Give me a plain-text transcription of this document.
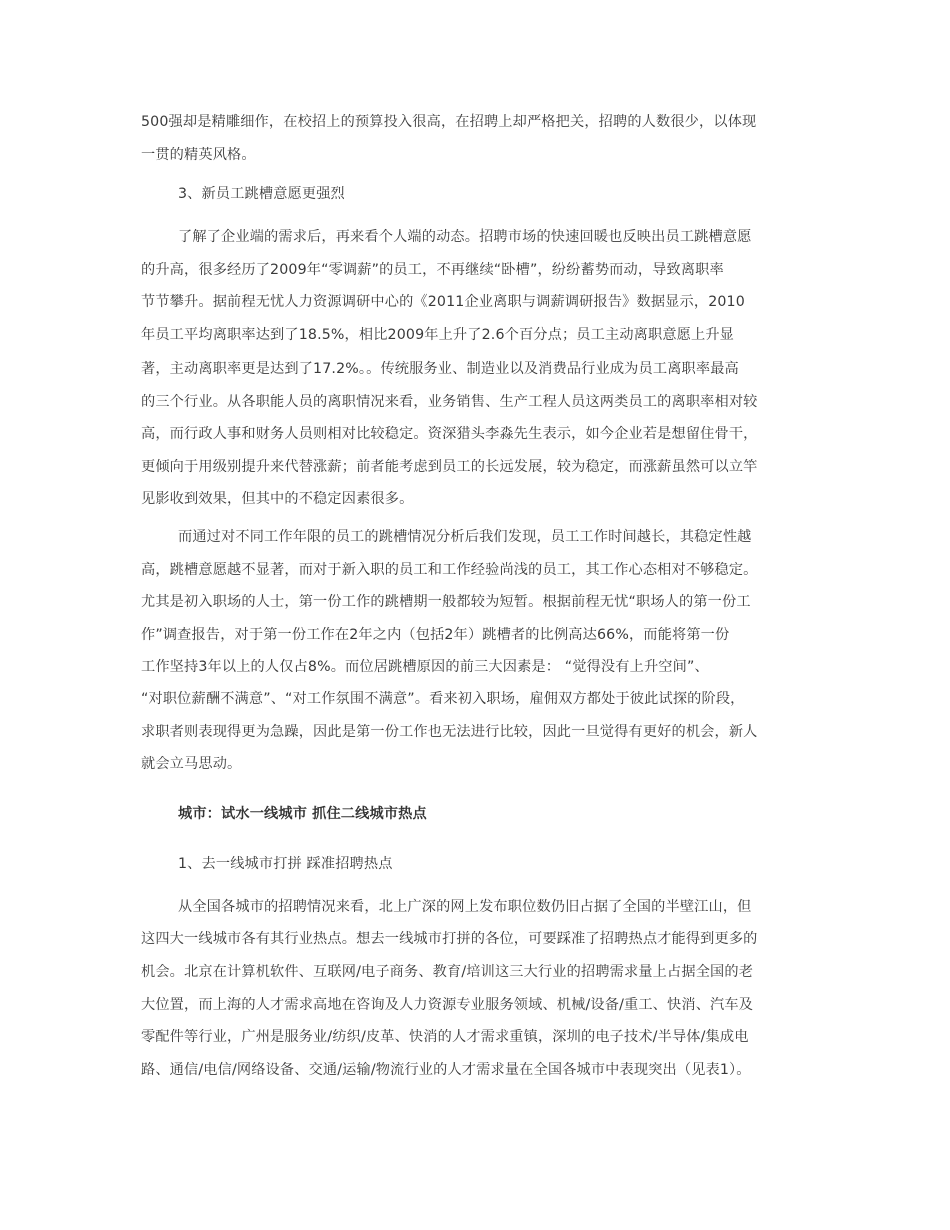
500强却是精雕细作，在校招上的预算投入很高，在招聘上却严格把关，招聘的人数很少，以体现
一贯的精英风格。
3、新员工跳槽意愿更强烈
了解了企业端的需求后，再来看个人端的动态。招聘市场的快速回暖也反映出员工跳槽意愿
的升高，很多经历了2009年“零调薪”的员工，不再继续“卧槽”，纷纷蓄势而动，导致离职率
节节攀升。据前程无忧人力资源调研中心的《2011企业离职与调薪调研报告》数据显示，2010
年员工平均离职率达到了18.5%，相比2009年上升了2.6个百分点；员工主动离职意愿上升显
著，主动离职率更是达到了17.2%。。传统服务业、制造业以及消费品行业成为员工离职率最高
的三个行业。从各职能人员的离职情况来看，业务销售、生产工程人员这两类员工的离职率相对较
高，而行政人事和财务人员则相对比较稳定。资深猎头李淼先生表示，如今企业若是想留住骨干，
更倾向于用级别提升来代替涨薪；前者能考虑到员工的长远发展，较为稳定，而涨薪虽然可以立竿
见影收到效果，但其中的不稳定因素很多。
而通过对不同工作年限的员工的跳槽情况分析后我们发现，员工工作时间越长，其稳定性越
高，跳槽意愿越不显著，而对于新入职的员工和工作经验尚浅的员工，其工作心态相对不够稳定。
尤其是初入职场的人士，第一份工作的跳槽期一般都较为短暂。根据前程无忧“职场人的第一份工
作”调查报告，对于第一份工作在2年之内（包括2年）跳槽者的比例高达66%，而能将第一份
工作坚持3年以上的人仅占8%。而位居跳槽原因的前三大因素是： “觉得没有上升空间”、
“对职位薪酬不满意”、“对工作氛围不满意”。看来初入职场，雇佣双方都处于彼此试探的阶段，
求职者则表现得更为急躁，因此是第一份工作也无法进行比较，因此一旦觉得有更好的机会，新人
就会立马思动。
城市：试水一线城市 抓住二线城市热点
1、去一线城市打拼 踩准招聘热点
从全国各城市的招聘情况来看，北上广深的网上发布职位数仍旧占据了全国的半壁江山，但
这四大一线城市各有其行业热点。想去一线城市打拼的各位，可要踩准了招聘热点才能得到更多的
机会。北京在计算机软件、互联网/电子商务、教育/培训这三大行业的招聘需求量上占据全国的老
大位置，而上海的人才需求高地在咨询及人力资源专业服务领域、机械/设备/重工、快消、汽车及
零配件等行业，广州是服务业/纺织/皮革、快消的人才需求重镇，深圳的电子技术/半导体/集成电
路、通信/电信/网络设备、交通/运输/物流行业的人才需求量在全国各城市中表现突出（见表1）。
